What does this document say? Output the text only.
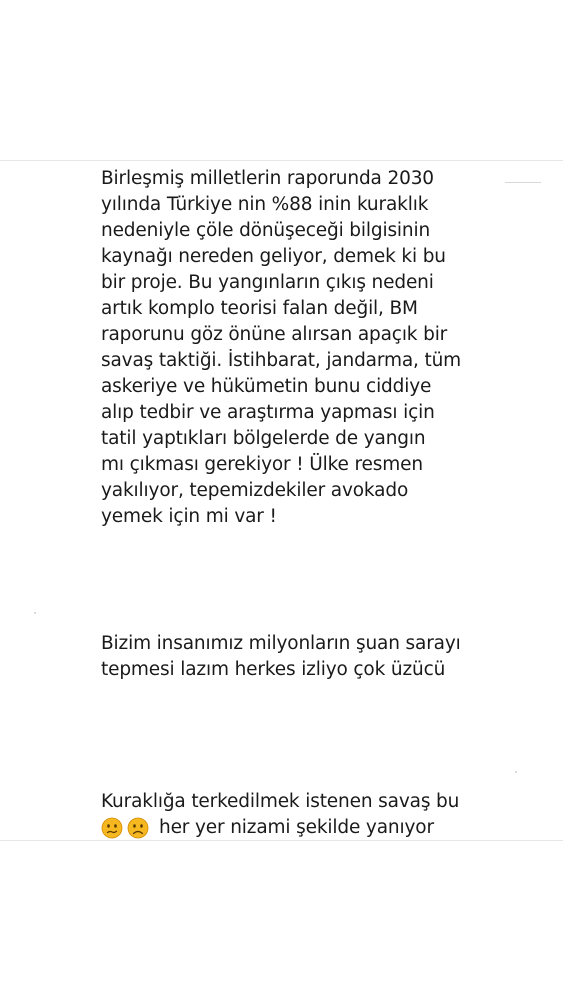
Birleşmiş milletlerin raporunda 2030
yılında Türkiye nin %88 inin kuraklık
nedeniyle çöle dönüşeceği bilgisinin
kaynağı nereden geliyor, demek ki bu
bir proje. Bu yangınların çıkış nedeni
artık komplo teorisi falan değil, BM
raporunu göz önüne alırsan apaçık bir
savaş taktiği. İstihbarat, jandarma, tüm
askeriye ve hükümetin bunu ciddiye
alıp tedbir ve araştırma yapması için
tatil yaptıkları bölgelerde de yangın
mı çıkması gerekiyor ! Ülke resmen
yakılıyor, tepemizdekiler avokado
yemek için mi var !
Bizim insanımız milyonların şuan sarayı
tepmesi lazım herkes izliyo çok üzücü
Kuraklığa terkedilmek istenen savaş bu
her yer nizami şekilde yanıyor
